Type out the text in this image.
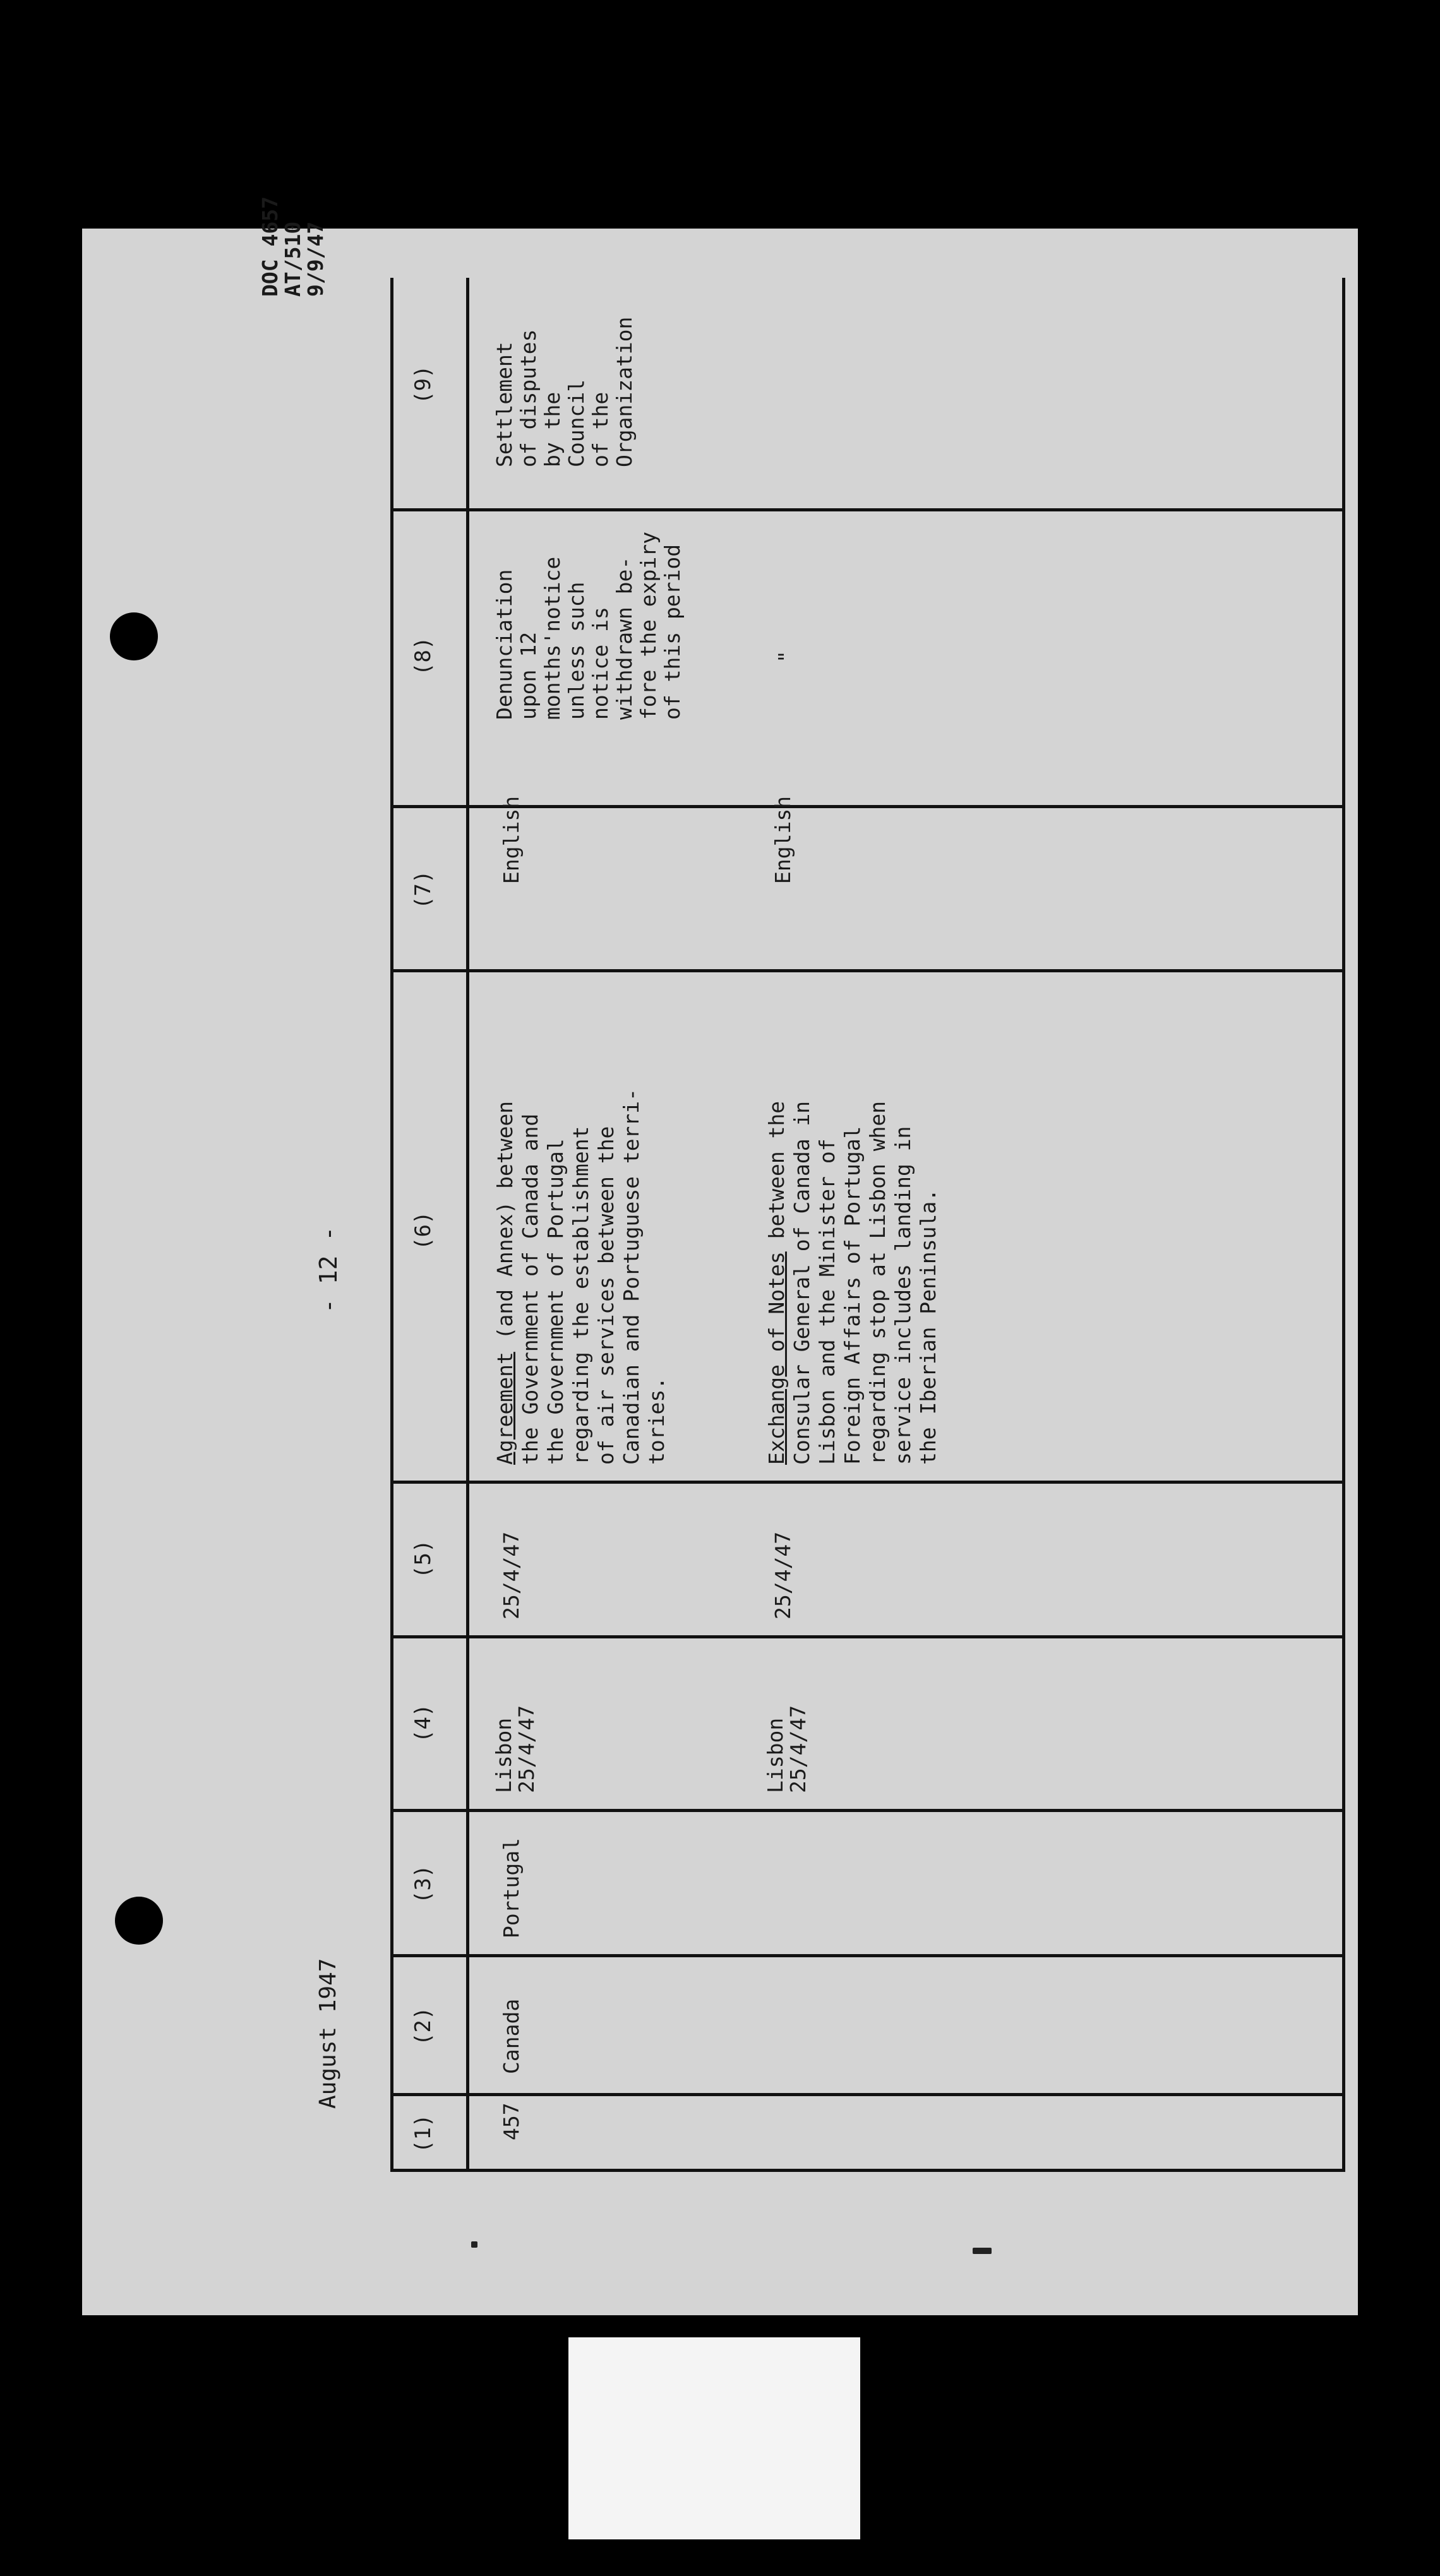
DOC 4657
AT/510
9/9/47
- 12 -
August 1947
(1)
(2)
(3)
(4)
(5)
(6)
(7)
(8)
(9)
457
Canada
Portugal
Lisbon
25/4/47
25/4/47
Agreement (and Annex) between the Government of Canada and the Government of Portugal regarding the establishment of air services between the Canadian and Portuguese terri- tories.
English
Denunciation upon 12 months'notice unless such notice is withdrawn be- fore the expiry of this period
Settlement of disputes by the Council of the Organization
Lisbon
25/4/47
25/4/47
Exchange of Notes between the Consular General of Canada in Lisbon and the Minister of Foreign Affairs of Portugal regarding stop at Lisbon when service includes landing in the Iberian Peninsula.
English
"
